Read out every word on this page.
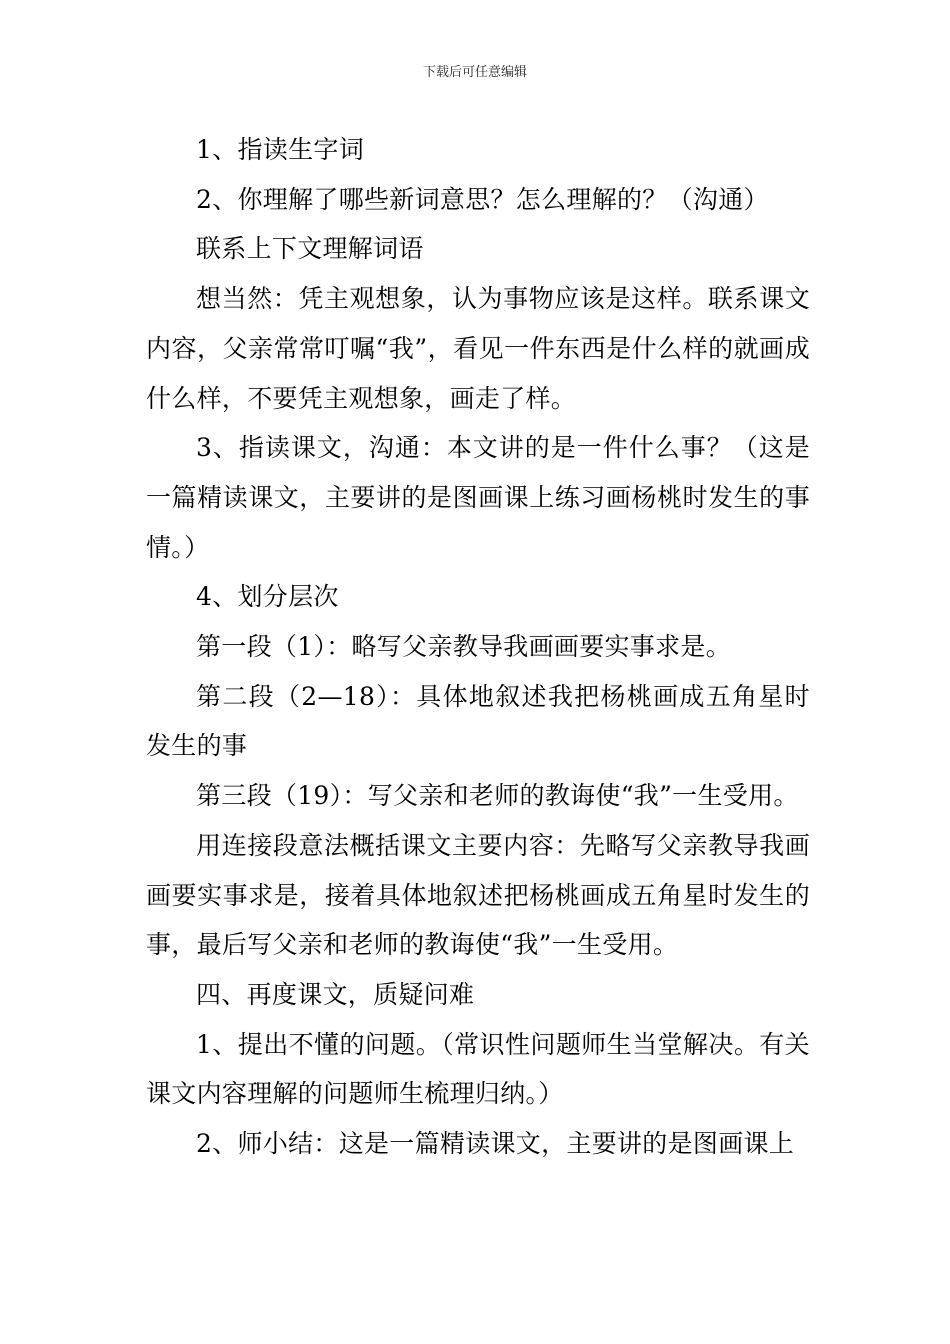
下载后可任意编辑

1、指读生字词

2、你理解了哪些新词意思？怎么理解的？（沟通）

联系上下文理解词语

想当然：凭主观想象，认为事物应该是这样。联系课文内容，父亲常常叮嘱“我”，看见一件东西是什么样的就画成什么样，不要凭主观想象，画走了样。

3、指读课文，沟通：本文讲的是一件什么事？（这是一篇精读课文，主要讲的是图画课上练习画杨桃时发生的事情。）

4、划分层次

第一段（1）：略写父亲教导我画画要实事求是。

第二段（2—18）：具体地叙述我把杨桃画成五角星时发生的事

第三段（19）：写父亲和老师的教诲使“我”一生受用。

用连接段意法概括课文主要内容：先略写父亲教导我画画要实事求是，接着具体地叙述把杨桃画成五角星时发生的事，最后写父亲和老师的教诲使“我”一生受用。

四、再度课文，质疑问难

1、提出不懂的问题。（常识性问题师生当堂解决。有关课文内容理解的问题师生梳理归纳。）

2、师小结：这是一篇精读课文，主要讲的是图画课上
